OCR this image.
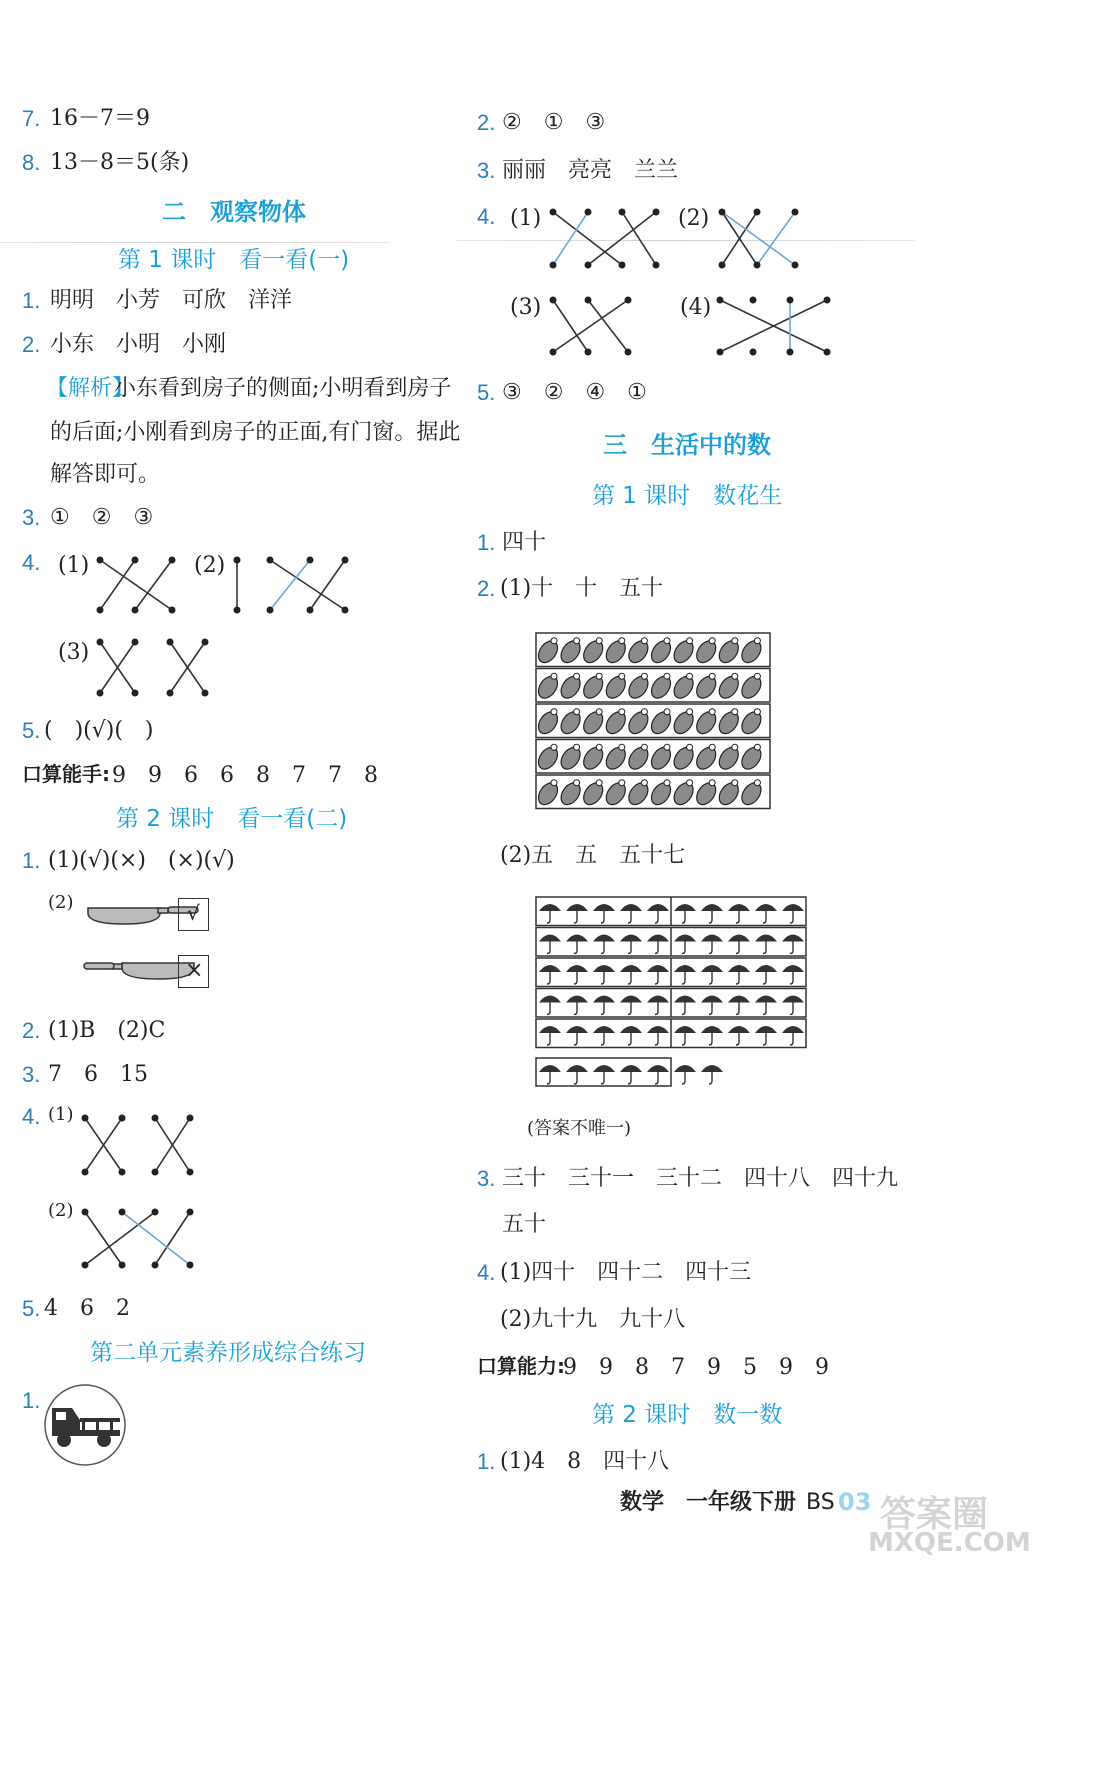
7. 16－7＝9
8. 13－8＝5(条)
二　观察物体
第 1 课时　看一看(一)
1. 明明　小芳　可欣　洋洋
2. 小东　小明　小刚
【解析】
小东看到房子的侧面;小明看到房子
的后面;小刚看到房子的正面,有门窗。据此
解答即可。
3. ①　②　③
4. (1)	(2)
(3)
5. (　)(√)(　)
口算能手: 9　9　6　6　8　7　7　8
第 2 课时　看一看(二)
1. (1)(√)(×)　(×)(√)
(2)	√
×
2. (1)B　(2)C
3. 7　6　15
4. (1)
(2)
5. 4　6　2
第二单元素养形成综合练习
1.
2. ②　①　③
3. 丽丽　亮亮　兰兰
4. (1)	(2)
(3)	(4)
5. ③　②　④　①
三　生活中的数
第 1 课时　数花生
1. 四十
2. (1)十　十　五十
(2)五　五　五十七
(答案不唯一)
3. 三十　三十一　三十二　四十八　四十九
五十
4. (1)四十　四十二　四十三
(2)九十九　九十八
口算能力:
9　9　8　7　9　5　9　9
第 2 课时　数一数
1. (1)4　8　四十八
数学　一年级下册 BS 03 答案圈
MXQE.COM
